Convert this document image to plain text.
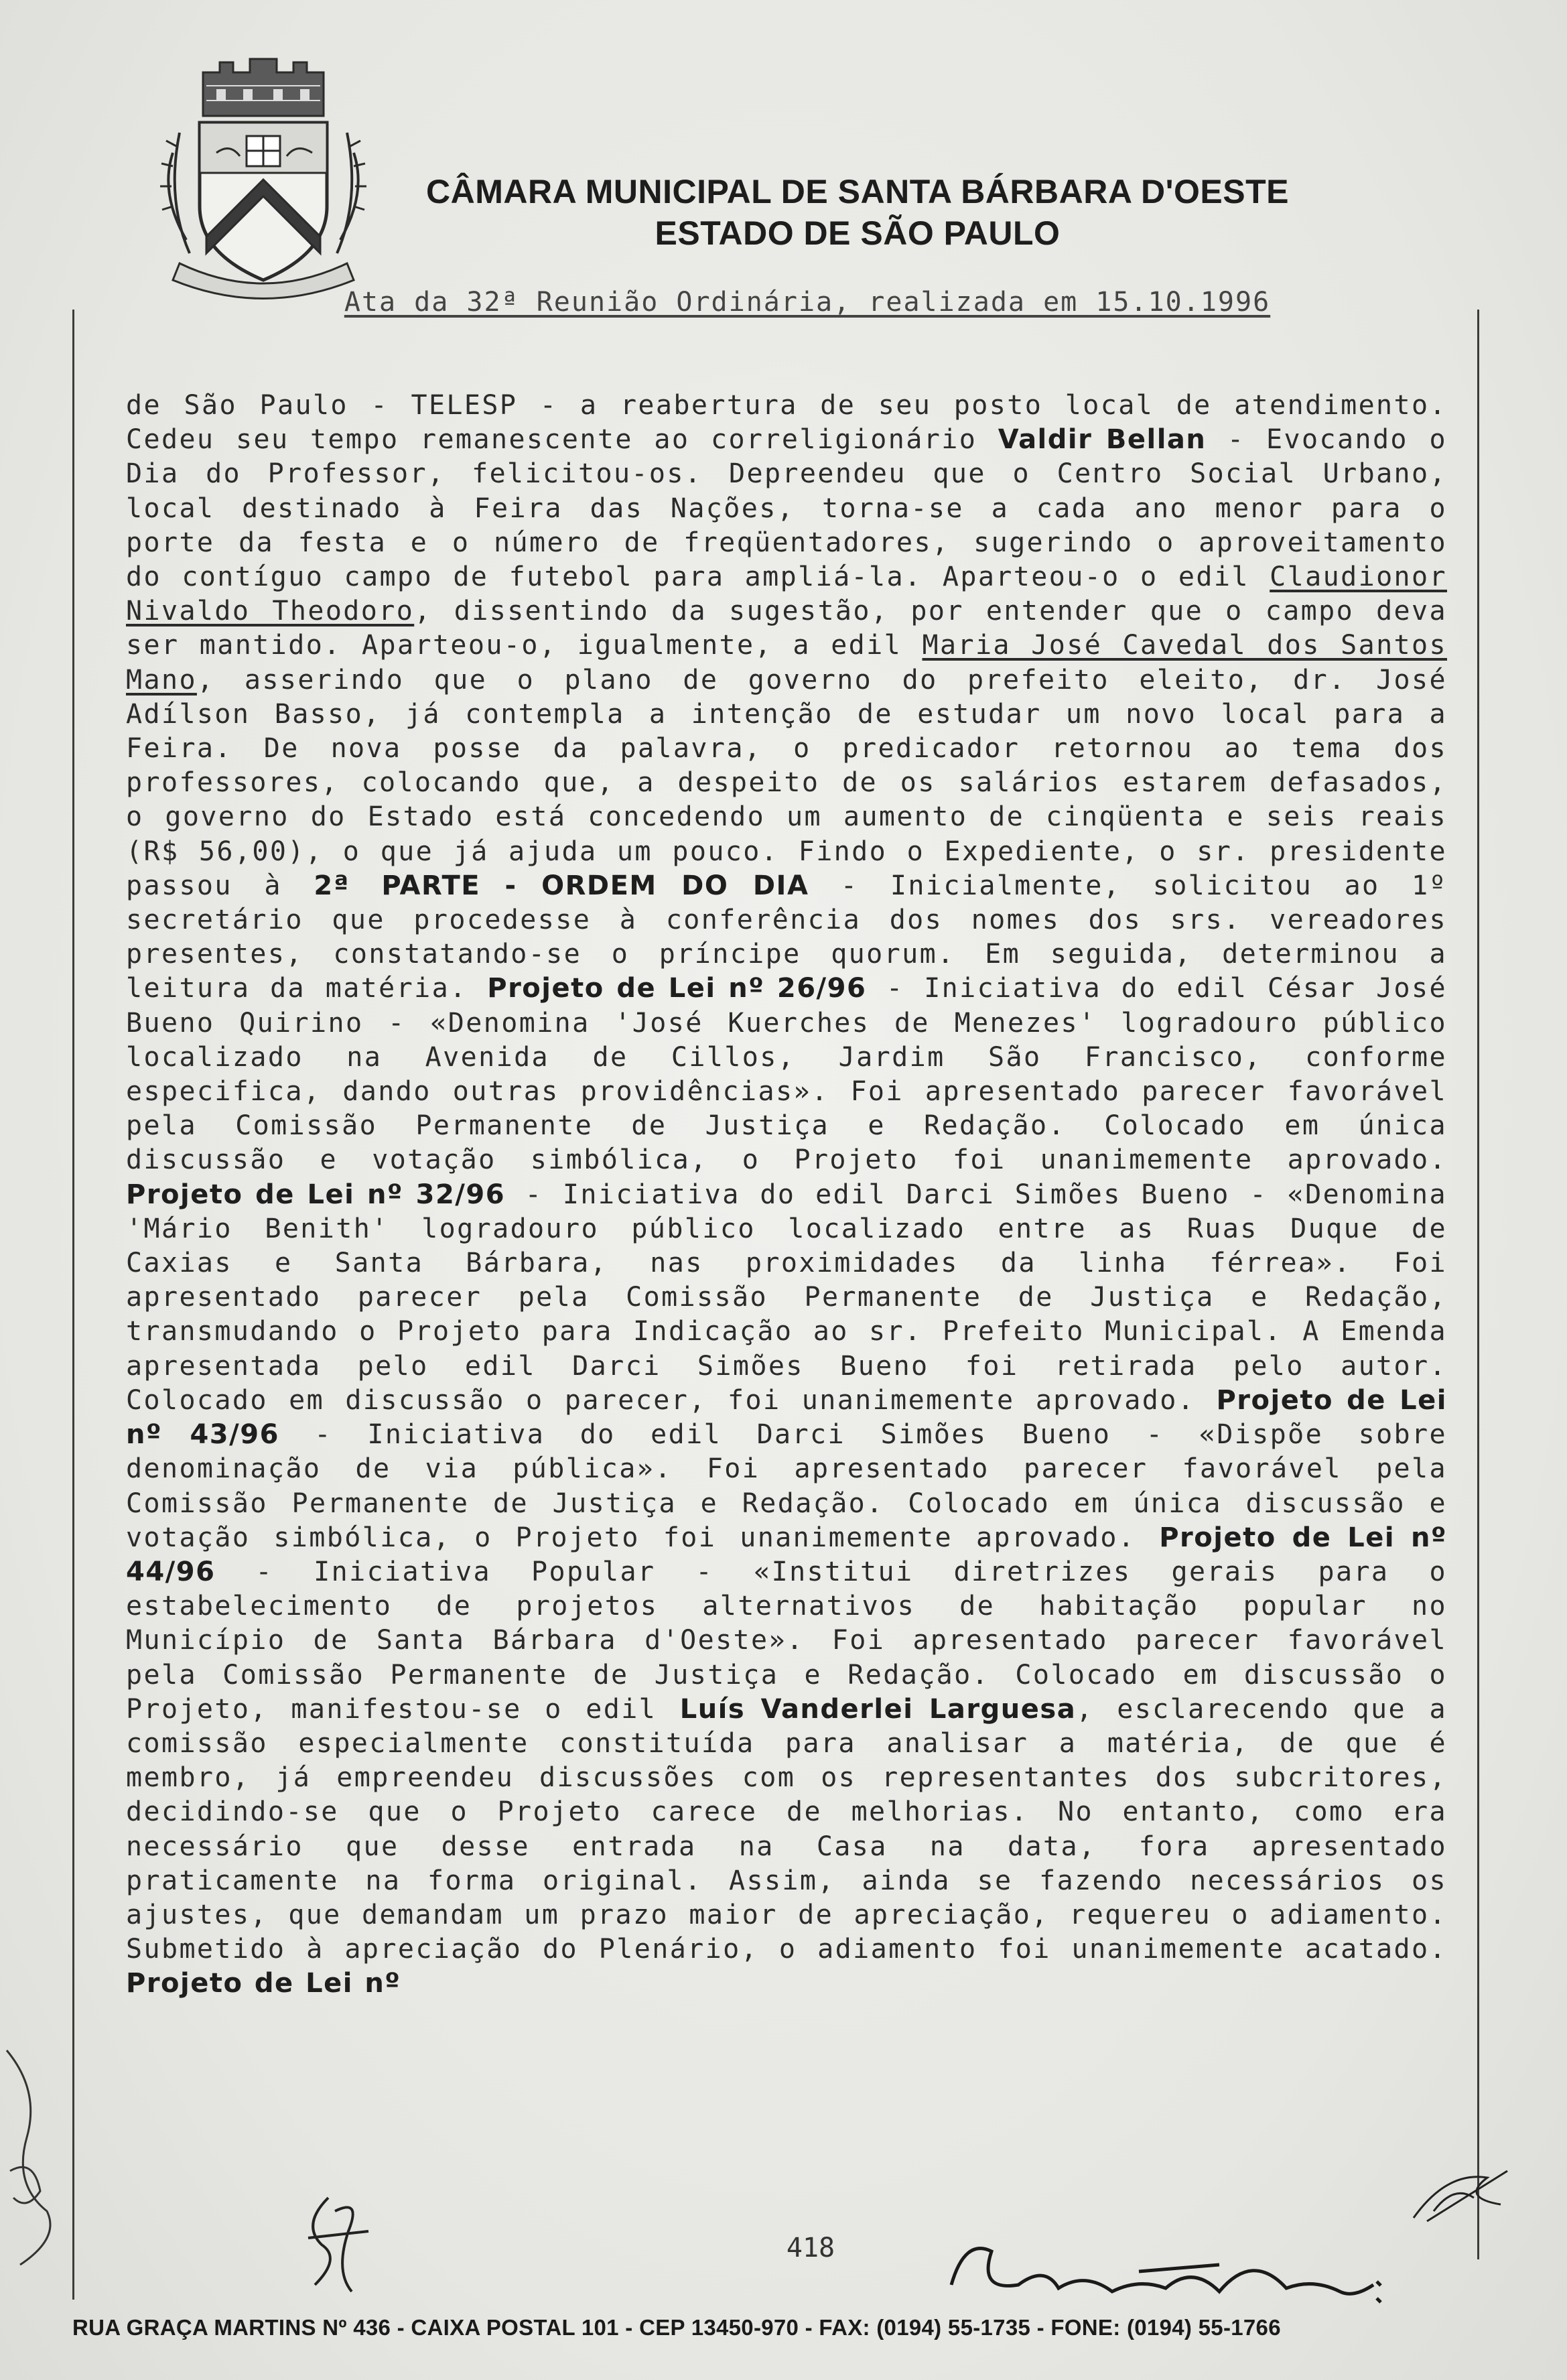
CÂMARA MUNICIPAL DE SANTA BÁRBARA D'OESTE
ESTADO DE SÃO PAULO
Ata da 32ª Reunião Ordinária, realizada em 15.10.1996

de São Paulo - TELESP - a reabertura de seu posto local de atendimento. Cedeu seu tempo remanescente ao correligionário Valdir Bellan - Evocando o Dia do Professor, felicitou-os. Depreendeu que o Centro Social Urbano, local destinado à Feira das Nações, torna-se a cada ano menor para o porte da festa e o número de freqüentadores, sugerindo o aproveitamento do contíguo campo de futebol para ampliá-la. Aparteou-o o edil Claudionor Nivaldo Theodoro, dissentindo da sugestão, por entender que o campo deva ser mantido. Aparteou-o, igualmente, a edil Maria José Cavedal dos Santos Mano, asserindo que o plano de governo do prefeito eleito, dr. José Adílson Basso, já contempla a intenção de estudar um novo local para a Feira. De nova posse da palavra, o predicador retornou ao tema dos professores, colocando que, a despeito de os salários estarem defasados, o governo do Estado está concedendo um aumento de cinqüenta e seis reais (R$ 56,00), o que já ajuda um pouco. Findo o Expediente, o sr. presidente passou à 2ª PARTE - ORDEM DO DIA - Inicialmente, solicitou ao 1º secretário que procedesse à conferência dos nomes dos srs. vereadores presentes, constatando-se o príncipe quorum. Em seguida, determinou a leitura da matéria. Projeto de Lei nº 26/96 - Iniciativa do edil César José Bueno Quirino - «Denomina 'José Kuerches de Menezes' logradouro público localizado na Avenida de Cillos, Jardim São Francisco, conforme especifica, dando outras providências». Foi apresentado parecer favorável pela Comissão Permanente de Justiça e Redação. Colocado em única discussão e votação simbólica, o Projeto foi unanimemente aprovado. Projeto de Lei nº 32/96 - Iniciativa do edil Darci Simões Bueno - «Denomina 'Mário Benith' logradouro público localizado entre as Ruas Duque de Caxias e Santa Bárbara, nas proximidades da linha férrea». Foi apresentado parecer pela Comissão Permanente de Justiça e Redação, transmudando o Projeto para Indicação ao sr. Prefeito Municipal. A Emenda apresentada pelo edil Darci Simões Bueno foi retirada pelo autor. Colocado em discussão o parecer, foi unanimemente aprovado. Projeto de Lei nº 43/96 - Iniciativa do edil Darci Simões Bueno - «Dispõe sobre denominação de via pública». Foi apresentado parecer favorável pela Comissão Permanente de Justiça e Redação. Colocado em única discussão e votação simbólica, o Projeto foi unanimemente aprovado. Projeto de Lei nº 44/96 - Iniciativa Popular - «Institui diretrizes gerais para o estabelecimento de projetos alternativos de habitação popular no Município de Santa Bárbara d'Oeste». Foi apresentado parecer favorável pela Comissão Permanente de Justiça e Redação. Colocado em discussão o Projeto, manifestou-se o edil Luís Vanderlei Larguesa, esclarecendo que a comissão especialmente constituída para analisar a matéria, de que é membro, já empreendeu discussões com os representantes dos subcritores, decidindo-se que o Projeto carece de melhorias. No entanto, como era necessário que desse entrada na Casa na data, fora apresentado praticamente na forma original. Assim, ainda se fazendo necessários os ajustes, que demandam um prazo maior de apreciação, requereu o adiamento. Submetido à apreciação do Plenário, o adiamento foi unanimemente acatado. Projeto de Lei nº

418
RUA GRAÇA MARTINS Nº 436 - CAIXA POSTAL 101 - CEP 13450-970 - FAX: (0194) 55-1735 - FONE: (0194) 55-1766
